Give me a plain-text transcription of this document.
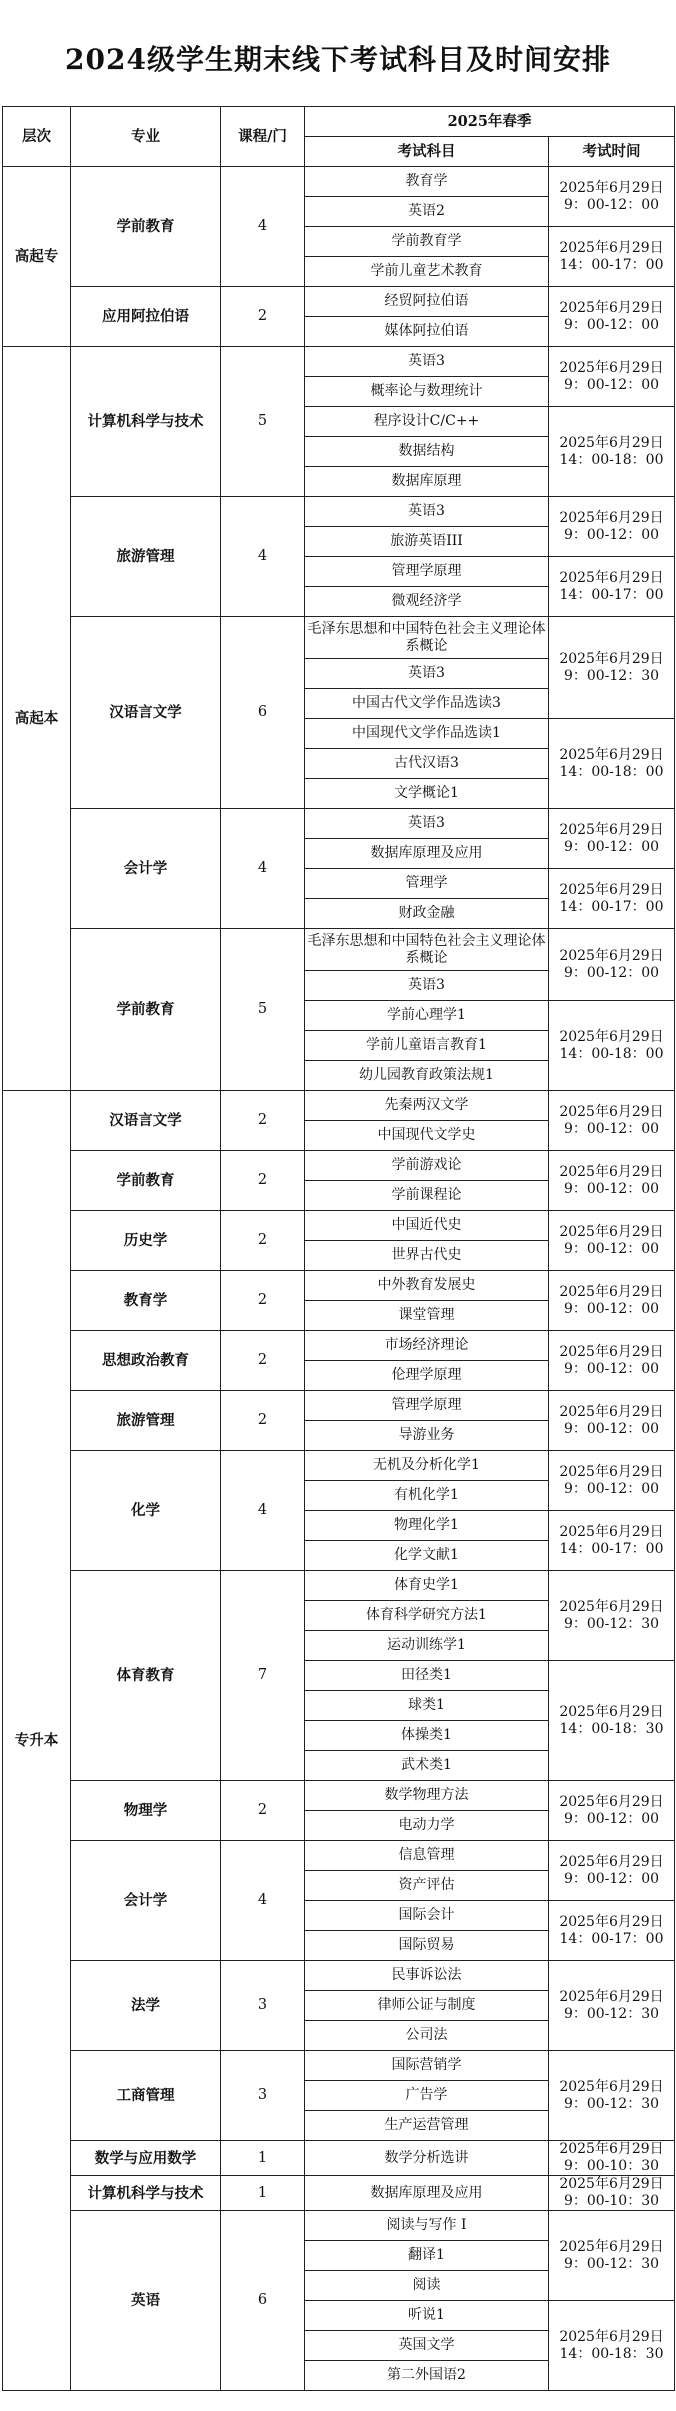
2024级学生期末线下考试科目及时间安排
层次	专业	课程/门	2025年春季	
			考试科目	考试时间
高起专	学前教育	4	教育学	2025年6月29日
9：00-12：00

			英语2	
			学前教育学	2025年6月29日
14：00-17：00

			学前儿童艺术教育	
	应用阿拉伯语	2	经贸阿拉伯语	2025年6月29日
9：00-12：00

			媒体阿拉伯语	
高起本	计算机科学与技术	5	英语3	2025年6月29日
9：00-12：00

			概率论与数理统计	
			程序设计C/C++	2025年6月29日
14：00-18：00

			数据结构	
			数据库原理	
	旅游管理	4	英语3	2025年6月29日
9：00-12：00

			旅游英语III	
			管理学原理	2025年6月29日
14：00-17：00

			微观经济学	
	汉语言文学	6	毛泽东思想和中国特色社会主义理论体系概论	2025年6月29日
9：00-12：30

			英语3	
			中国古代文学作品选读3	
			中国现代文学作品选读1	2025年6月29日
14：00-18：00

			古代汉语3	
			文学概论1	
	会计学	4	英语3	2025年6月29日
9：00-12：00

			数据库原理及应用	
			管理学	2025年6月29日
14：00-17：00

			财政金融	
	学前教育	5	毛泽东思想和中国特色社会主义理论体系概论	2025年6月29日
9：00-12：00

			英语3	
			学前心理学1	2025年6月29日
14：00-18：00

			学前儿童语言教育1	
			幼儿园教育政策法规1	
专升本	汉语言文学	2	先秦两汉文学	2025年6月29日
9：00-12：00

			中国现代文学史	
	学前教育	2	学前游戏论	2025年6月29日
9：00-12：00

			学前课程论	
	历史学	2	中国近代史	2025年6月29日
9：00-12：00

			世界古代史	
	教育学	2	中外教育发展史	2025年6月29日
9：00-12：00

			课堂管理	
	思想政治教育	2	市场经济理论	2025年6月29日
9：00-12：00

			伦理学原理	
	旅游管理	2	管理学原理	2025年6月29日
9：00-12：00

			导游业务	
	化学	4	无机及分析化学1	2025年6月29日
9：00-12：00

			有机化学1	
			物理化学1	2025年6月29日
14：00-17：00

			化学文献1	
	体育教育	7	体育史学1	2025年6月29日
9：00-12：30

			体育科学研究方法1	
			运动训练学1	
			田径类1	2025年6月29日
14：00-18：30

			球类1	
			体操类1	
			武术类1	
	物理学	2	数学物理方法	2025年6月29日
9：00-12：00

			电动力学	
	会计学	4	信息管理	2025年6月29日
9：00-12：00

			资产评估	
			国际会计	2025年6月29日
14：00-17：00

			国际贸易	
	法学	3	民事诉讼法	2025年6月29日
9：00-12：30

			律师公证与制度	
			公司法	
	工商管理	3	国际营销学	2025年6月29日
9：00-12：30

			广告学	
			生产运营管理	
	数学与应用数学	1	数学分析选讲	2025年6月29日
9：00-10：30

	计算机科学与技术	1	数据库原理及应用	2025年6月29日
9：00-10：30

	英语	6	阅读与写作 I	2025年6月29日
9：00-12：30

			翻译1	
			阅读	
			听说1	2025年6月29日
14：00-18：30

			英国文学	
			第二外国语2	
